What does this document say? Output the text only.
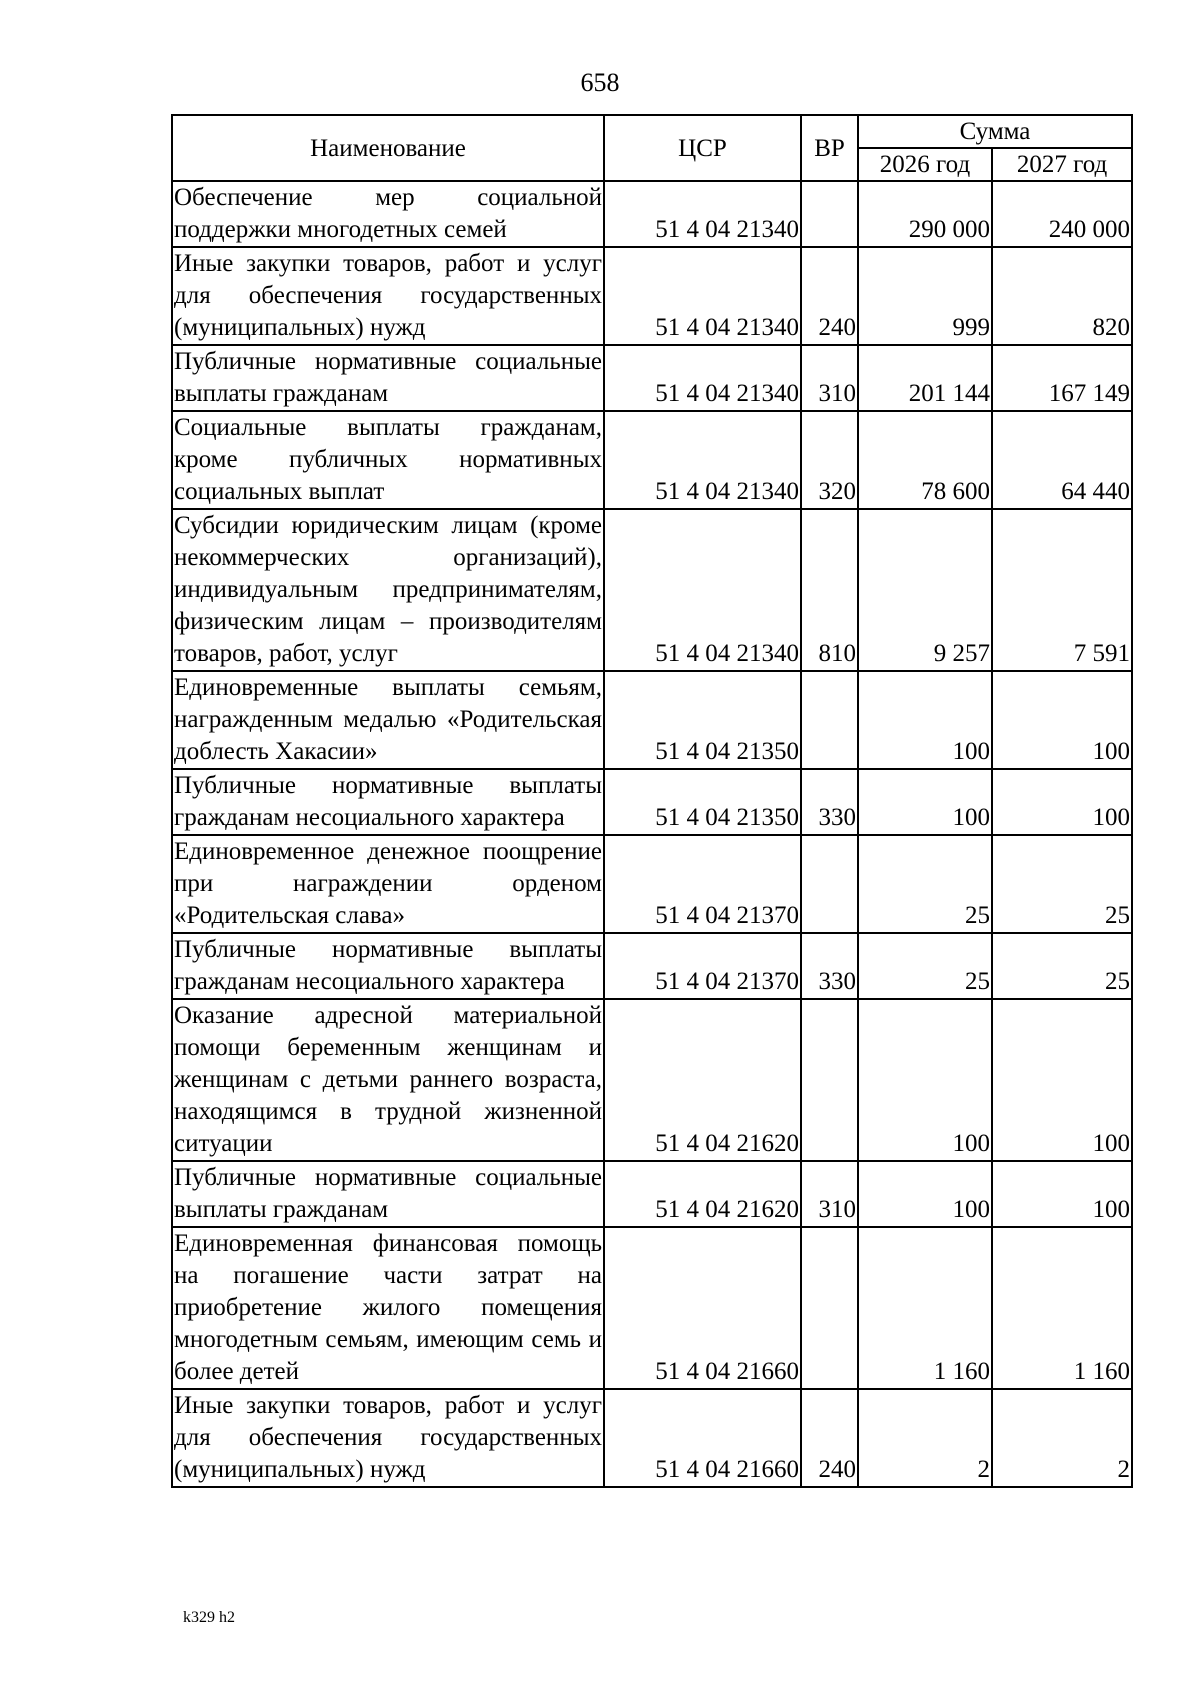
658
Наименование	ЦСР	ВР	Сумма	
			2026 год	2027 год
Обеспечение мер социальной поддержки многодетных семей	51 4 04 21340		290 000	240 000
Иные закупки товаров, работ и услуг для обеспечения государственных (муниципальных) нужд	51 4 04 21340	240	999	820
Публичные нормативные социальные выплаты гражданам	51 4 04 21340	310	201 144	167 149
Социальные выплаты гражданам, кроме публичных нормативных социальных выплат	51 4 04 21340	320	78 600	64 440
Субсидии юридическим лицам (кроме некоммерческих организаций), индивидуальным предпринимателям, физическим лицам – производителям товаров, работ, услуг	51 4 04 21340	810	9 257	7 591
Единовременные выплаты семьям, награжденным медалью «Родительская доблесть Хакасии»	51 4 04 21350		100	100
Публичные нормативные выплаты гражданам несоциального характера	51 4 04 21350	330	100	100
Единовременное денежное поощрение при награждении орденом «Родительская слава»	51 4 04 21370		25	25
Публичные нормативные выплаты гражданам несоциального характера	51 4 04 21370	330	25	25
Оказание адресной материальной помощи беременным женщинам и женщинам с детьми раннего возраста, находящимся в трудной жизненной ситуации	51 4 04 21620		100	100
Публичные нормативные социальные выплаты гражданам	51 4 04 21620	310	100	100
Единовременная финансовая помощь на погашение части затрат на приобретение жилого помещения многодетным семьям, имеющим семь и более детей	51 4 04 21660		1 160	1 160
Иные закупки товаров, работ и услуг для обеспечения государственных (муниципальных) нужд	51 4 04 21660	240	2	2
k329 h2
